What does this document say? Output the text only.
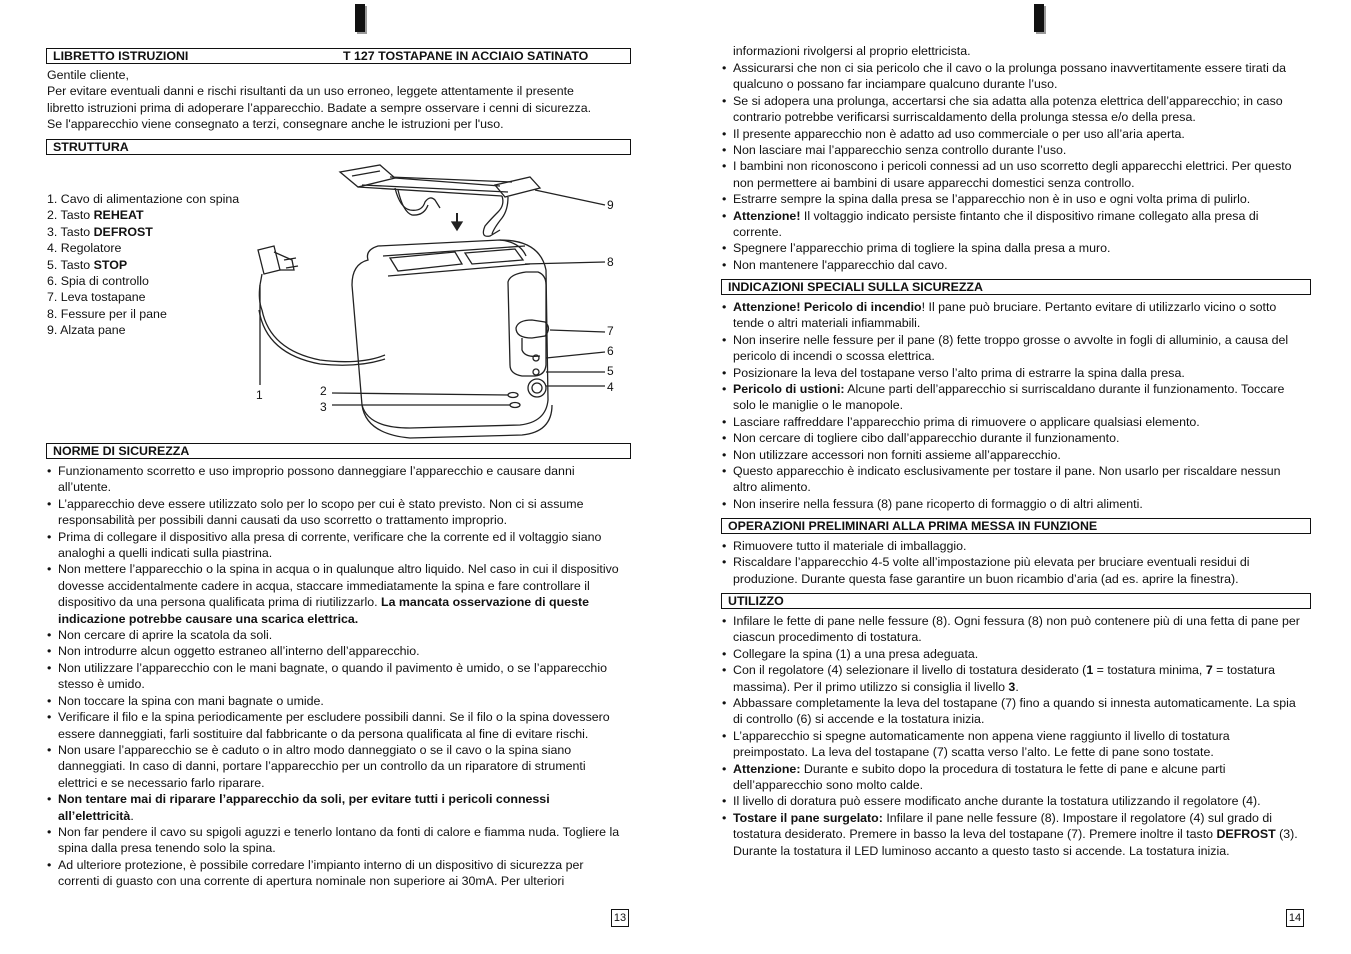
LIBRETTO ISTRUZIONI	T 127 TOSTAPANE IN ACCIAIO SATINATO

Gentile cliente,

Per evitare eventuali danni e rischi risultanti da un uso erroneo, leggete attentamente il presente

libretto istruzioni prima di adoperare l’apparecchio. Badate a sempre osservare i cenni di sicurezza.

Se l'apparecchio viene consegnato a terzi, consegnare anche le istruzioni per l'uso.

STRUTTURA
1. Cavo di alimentazione con spina
2. Tasto REHEAT
3. Tasto DEFROST
4. Regolatore
5. Tasto STOP
6. Spia di controllo
7. Leva tostapane
8. Fessure per il pane
9. Alzata pane
1	2
3
4
5
6
7
8
9
NORME DI SICUREZZA
• Funzionamento scorretto e uso improprio possono danneggiare l’apparecchio e causare danni all’utente.
• L’apparecchio deve essere utilizzato solo per lo scopo per cui è stato previsto. Non ci si assume responsabilità per possibili danni causati da uso scorretto o trattamento improprio.
• Prima di collegare il dispositivo alla presa di corrente, verificare che la corrente ed il voltaggio siano analoghi a quelli indicati sulla piastrina.
• Non mettere l’apparecchio o la spina in acqua o in qualunque altro liquido. Nel caso in cui il dispositivo dovesse accidentalmente cadere in acqua, staccare immediatamente la spina e fare controllare il dispositivo da una persona qualificata prima di riutilizzarlo. La mancata osservazione di queste indicazione potrebbe causare una scarica elettrica.
• Non cercare di aprire la scatola da soli.
• Non introdurre alcun oggetto estraneo all’interno dell’apparecchio.
• Non utilizzare l’apparecchio con le mani bagnate, o quando il pavimento è umido, o se l’apparecchio stesso è umido.
• Non toccare la spina con mani bagnate o umide.
• Verificare il filo e la spina periodicamente per escludere possibili danni. Se il filo o la spina dovessero essere danneggiati, farli sostituire dal fabbricante o da persona qualificata al fine di evitare rischi.
• Non usare l’apparecchio se è caduto o in altro modo danneggiato o se il cavo o la spina siano danneggiati. In caso di danni, portare l’apparecchio per un controllo da un riparatore di strumenti elettrici e se necessario farlo riparare.
• Non tentare mai di riparare l’apparecchio da soli, per evitare tutti i pericoli connessi all’elettricità.
• Non far pendere il cavo su spigoli aguzzi e tenerlo lontano da fonti di calore e fiamma nuda. Togliere la spina dalla presa tenendo solo la spina.
• Ad ulteriore protezione, è possibile corredare l’impianto interno di un dispositivo di sicurezza per correnti di guasto con una corrente di apertura nominale non superiore ai 30mA. Per ulteriori
13
informazioni rivolgersi al proprio elettricista.
• Assicurarsi che non ci sia pericolo che il cavo o la prolunga possano inavvertitamente essere tirati da qualcuno o possano far inciampare qualcuno durante l’uso.
• Se si adopera una prolunga, accertarsi che sia adatta alla potenza elettrica dell’apparecchio; in caso contrario potrebbe verificarsi surriscaldamento della prolunga stessa e/o della presa.
• Il presente apparecchio non è adatto ad uso commerciale o per uso all’aria aperta.
• Non lasciare mai l’apparecchio senza controllo durante l’uso.
• I bambini non riconoscono i pericoli connessi ad un uso scorretto degli apparecchi elettrici. Per questo non permettere ai bambini di usare apparecchi domestici senza controllo.
• Estrarre sempre la spina dalla presa se l’apparecchio non è in uso e ogni volta prima di pulirlo.
• Attenzione! Il voltaggio indicato persiste fintanto che il dispositivo rimane collegato alla presa di corrente.
• Spegnere l’apparecchio prima di togliere la spina dalla presa a muro.
• Non mantenere l'apparecchio dal cavo.
INDICAZIONI SPECIALI SULLA SICUREZZA
• Attenzione! Pericolo di incendio! Il pane può bruciare. Pertanto evitare di utilizzarlo vicino o sotto tende o altri materiali infiammabili.
• Non inserire nelle fessure per il pane (8) fette troppo grosse o avvolte in fogli di alluminio, a causa del pericolo di incendi o scossa elettrica.
• Posizionare la leva del tostapane verso l’alto prima di estrarre la spina dalla presa.
• Pericolo di ustioni: Alcune parti dell’apparecchio si surriscaldano durante il funzionamento. Toccare solo le maniglie o le manopole.
• Lasciare raffreddare l’apparecchio prima di rimuovere o applicare qualsiasi elemento.
• Non cercare di togliere cibo dall’apparecchio durante il funzionamento.
• Non utilizzare accessori non forniti assieme all’apparecchio.
• Questo apparecchio è indicato esclusivamente per tostare il pane. Non usarlo per riscaldare nessun altro alimento.
• Non inserire nella fessura (8) pane ricoperto di formaggio o di altri alimenti.
OPERAZIONI PRELIMINARI ALLA PRIMA MESSA IN FUNZIONE
• Rimuovere tutto il materiale di imballaggio.
• Riscaldare l’apparecchio 4-5 volte all’impostazione più elevata per bruciare eventuali residui di produzione. Durante questa fase garantire un buon ricambio d’aria (ad es. aprire la finestra).
UTILIZZO
• Infilare le fette di pane nelle fessure (8). Ogni fessura (8) non può contenere più di una fetta di pane per ciascun procedimento di tostatura.
• Collegare la spina (1) a una presa adeguata.
• Con il regolatore (4) selezionare il livello di tostatura desiderato (1 = tostatura minima, 7 = tostatura massima). Per il primo utilizzo si consiglia il livello 3.
• Abbassare completamente la leva del tostapane (7) fino a quando si innesta automaticamente. La spia di controllo (6) si accende e la tostatura inizia.
• L’apparecchio si spegne automaticamente non appena viene raggiunto il livello di tostatura preimpostato. La leva del tostapane (7) scatta verso l’alto. Le fette di pane sono tostate.
• Attenzione: Durante e subito dopo la procedura di tostatura le fette di pane e alcune parti dell’apparecchio sono molto calde.
• Il livello di doratura può essere modificato anche durante la tostatura utilizzando il regolatore (4).
• Tostare il pane surgelato: Infilare il pane nelle fessure (8). Impostare il regolatore (4) sul grado di tostatura desiderato. Premere in basso la leva del tostapane (7). Premere inoltre il tasto DEFROST (3). Durante la tostatura il LED luminoso accanto a questo tasto si accende. La tostatura inizia.
14
